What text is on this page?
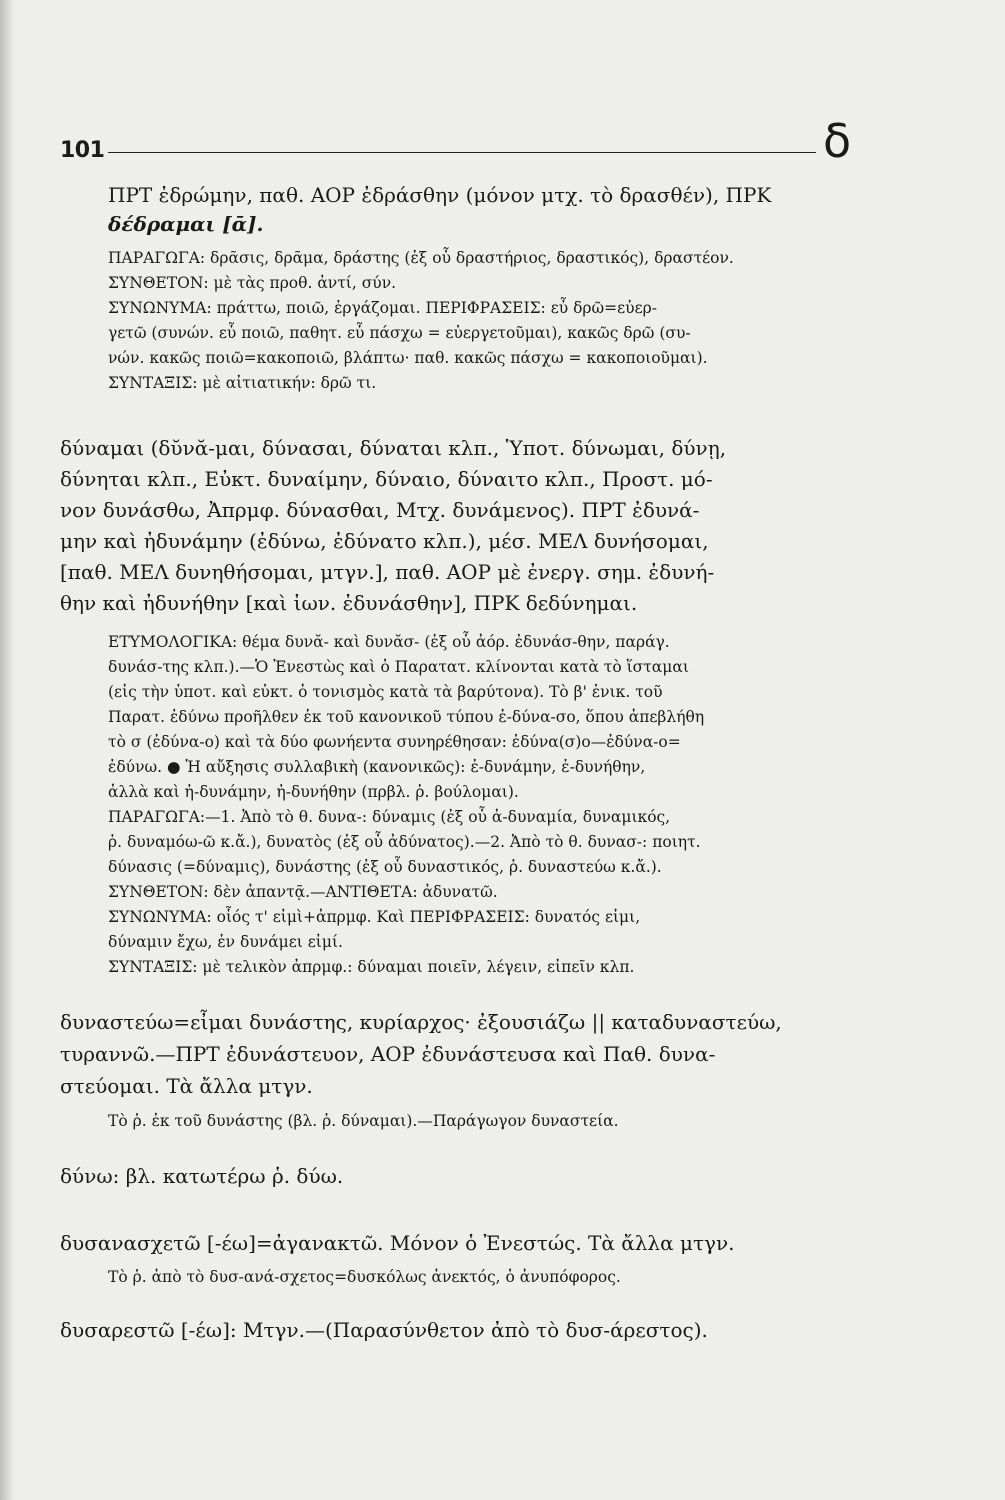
101	δ
ΠΡΤ ἐδρώμην, παθ. ΑΟΡ ἐδράσθην (μόνον μτχ. τὸ δρασθέν), ΠΡΚ
δέδραμαι [ᾱ].
ΠΑΡΑΓΩΓΑ: δρᾶσις, δρᾶμα, δράστης (ἐξ οὗ δραστήριος, δραστικός), δραστέον.
ΣΥΝΘΕΤΟΝ: μὲ τὰς προθ. ἀντί, σύν.
ΣΥΝΩΝΥΜΑ: πράττω, ποιῶ, ἐργάζομαι. ΠΕΡΙΦΡΑΣΕΙΣ: εὖ δρῶ=εὐερ-
γετῶ (συνών. εὖ ποιῶ, παθητ. εὖ πάσχω = εὐεργετοῦμαι), κακῶς δρῶ (συ-
νών. κακῶς ποιῶ=κακοποιῶ, βλάπτω· παθ. κακῶς πάσχω = κακοποιοῦμαι).
ΣΥΝΤΑΞΙΣ: μὲ αἰτιατικήν: δρῶ τι.
δύναμαι (δῠνᾰ-μαι, δύνασαι, δύναται κλπ., Ὑποτ. δύνωμαι, δύνῃ,
δύνηται κλπ., Εὐκτ. δυναίμην, δύναιο, δύναιτο κλπ., Προστ. μό-
νον δυνάσθω, Ἀπρμφ. δύνασθαι, Μτχ. δυνάμενος). ΠΡΤ ἐδυνά-
μην καὶ ἠδυνάμην (ἐδύνω, ἐδύνατο κλπ.), μέσ. ΜΕΛ δυνήσομαι,
[παθ. ΜΕΛ δυνηθήσομαι, μτγν.], παθ. ΑΟΡ μὲ ἐνεργ. σημ. ἐδυνή-
θην καὶ ἠδυνήθην [καὶ ἰων. ἐδυνάσθην], ΠΡΚ δεδύνημαι.
ΕΤΥΜΟΛΟΓΙΚΑ: θέμα δυνᾰ- καὶ δυνᾰσ- (ἐξ οὗ ἀόρ. ἐδυνάσ-θην, παράγ.
δυνάσ-της κλπ.).—Ὁ Ἐνεστὼς καὶ ὁ Παρατατ. κλίνονται κατὰ τὸ ἵσταμαι
(εἰς τὴν ὑποτ. καὶ εὐκτ. ὁ τονισμὸς κατὰ τὰ βαρύτονα). Τὸ β' ἑνικ. τοῦ
Παρατ. ἐδύνω προῆλθεν ἐκ τοῦ κανονικοῦ τύπου ἐ-δύνα-σο, ὅπου ἀπεβλήθη
τὸ σ (ἐδύνα-ο) καὶ τὰ δύο φωνήεντα συνηρέθησαν: ἐδύνα(σ)ο—ἐδύνα-ο=
ἐδύνω. ● Ἡ αὔξησις συλλαβικὴ (κανονικῶς): ἐ-δυνάμην, ἐ-δυνήθην,
ἀλλὰ καὶ ἠ-δυνάμην, ἠ-δυνήθην (πρβλ. ῥ. βούλομαι).
ΠΑΡΑΓΩΓΑ:—1. Ἀπὸ τὸ θ. δυνα-: δύναμις (ἐξ οὗ ἀ-δυναμία, δυναμικός,
ῥ. δυναμόω-ῶ κ.ἄ.), δυνατὸς (ἐξ οὗ ἀδύνατος).—2. Ἀπὸ τὸ θ. δυνασ-: ποιητ.
δύνασις (=δύναμις), δυνάστης (ἐξ οὗ δυναστικός, ῥ. δυναστεύω κ.ἄ.).
ΣΥΝΘΕΤΟΝ: δὲν ἀπαντᾷ.—ΑΝΤΙΘΕΤΑ: ἀδυνατῶ.
ΣΥΝΩΝΥΜΑ: οἷός τ' εἰμὶ+ἀπρμφ. Καὶ ΠΕΡΙΦΡΑΣΕΙΣ: δυνατός εἰμι,
δύναμιν ἔχω, ἐν δυνάμει εἰμί.
ΣΥΝΤΑΞΙΣ: μὲ τελικὸν ἀπρμφ.: δύναμαι ποιεῖν, λέγειν, εἰπεῖν κλπ.
δυναστεύω=εἶμαι δυνάστης, κυρίαρχος· ἐξουσιάζω || καταδυναστεύω,
τυραννῶ.—ΠΡΤ ἐδυνάστευον, ΑΟΡ ἐδυνάστευσα καὶ Παθ. δυνα-
στεύομαι. Τὰ ἄλλα μτγν.
Τὸ ῥ. ἐκ τοῦ δυνάστης (βλ. ῥ. δύναμαι).—Παράγωγον δυναστεία.
δύνω: βλ. κατωτέρω ῥ. δύω.
δυσανασχετῶ [-έω]=ἀγανακτῶ. Μόνον ὁ Ἐνεστώς. Τὰ ἄλλα μτγν.
Τὸ ῥ. ἀπὸ τὸ δυσ-ανά-σχετος=δυσκόλως ἀνεκτός, ὁ ἀνυπόφορος.
δυσαρεστῶ [-έω]: Μτγν.—(Παρασύνθετον ἀπὸ τὸ δυσ-άρεστος).
